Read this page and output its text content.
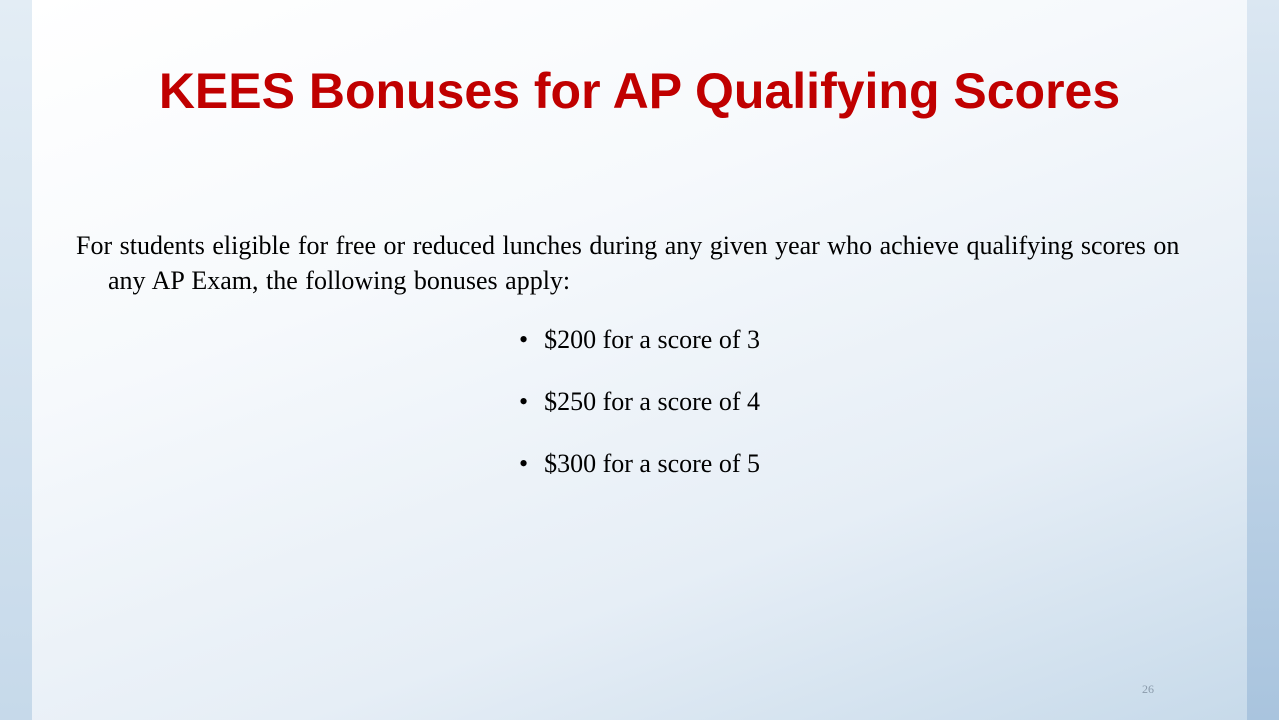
KEES Bonuses for AP Qualifying Scores

For students eligible for free or reduced lunches during any given year who achieve qualifying scores on any AP Exam, the following bonuses apply:

• $200 for a score of 3
• $250 for a score of 4
• $300 for a score of 5
26
